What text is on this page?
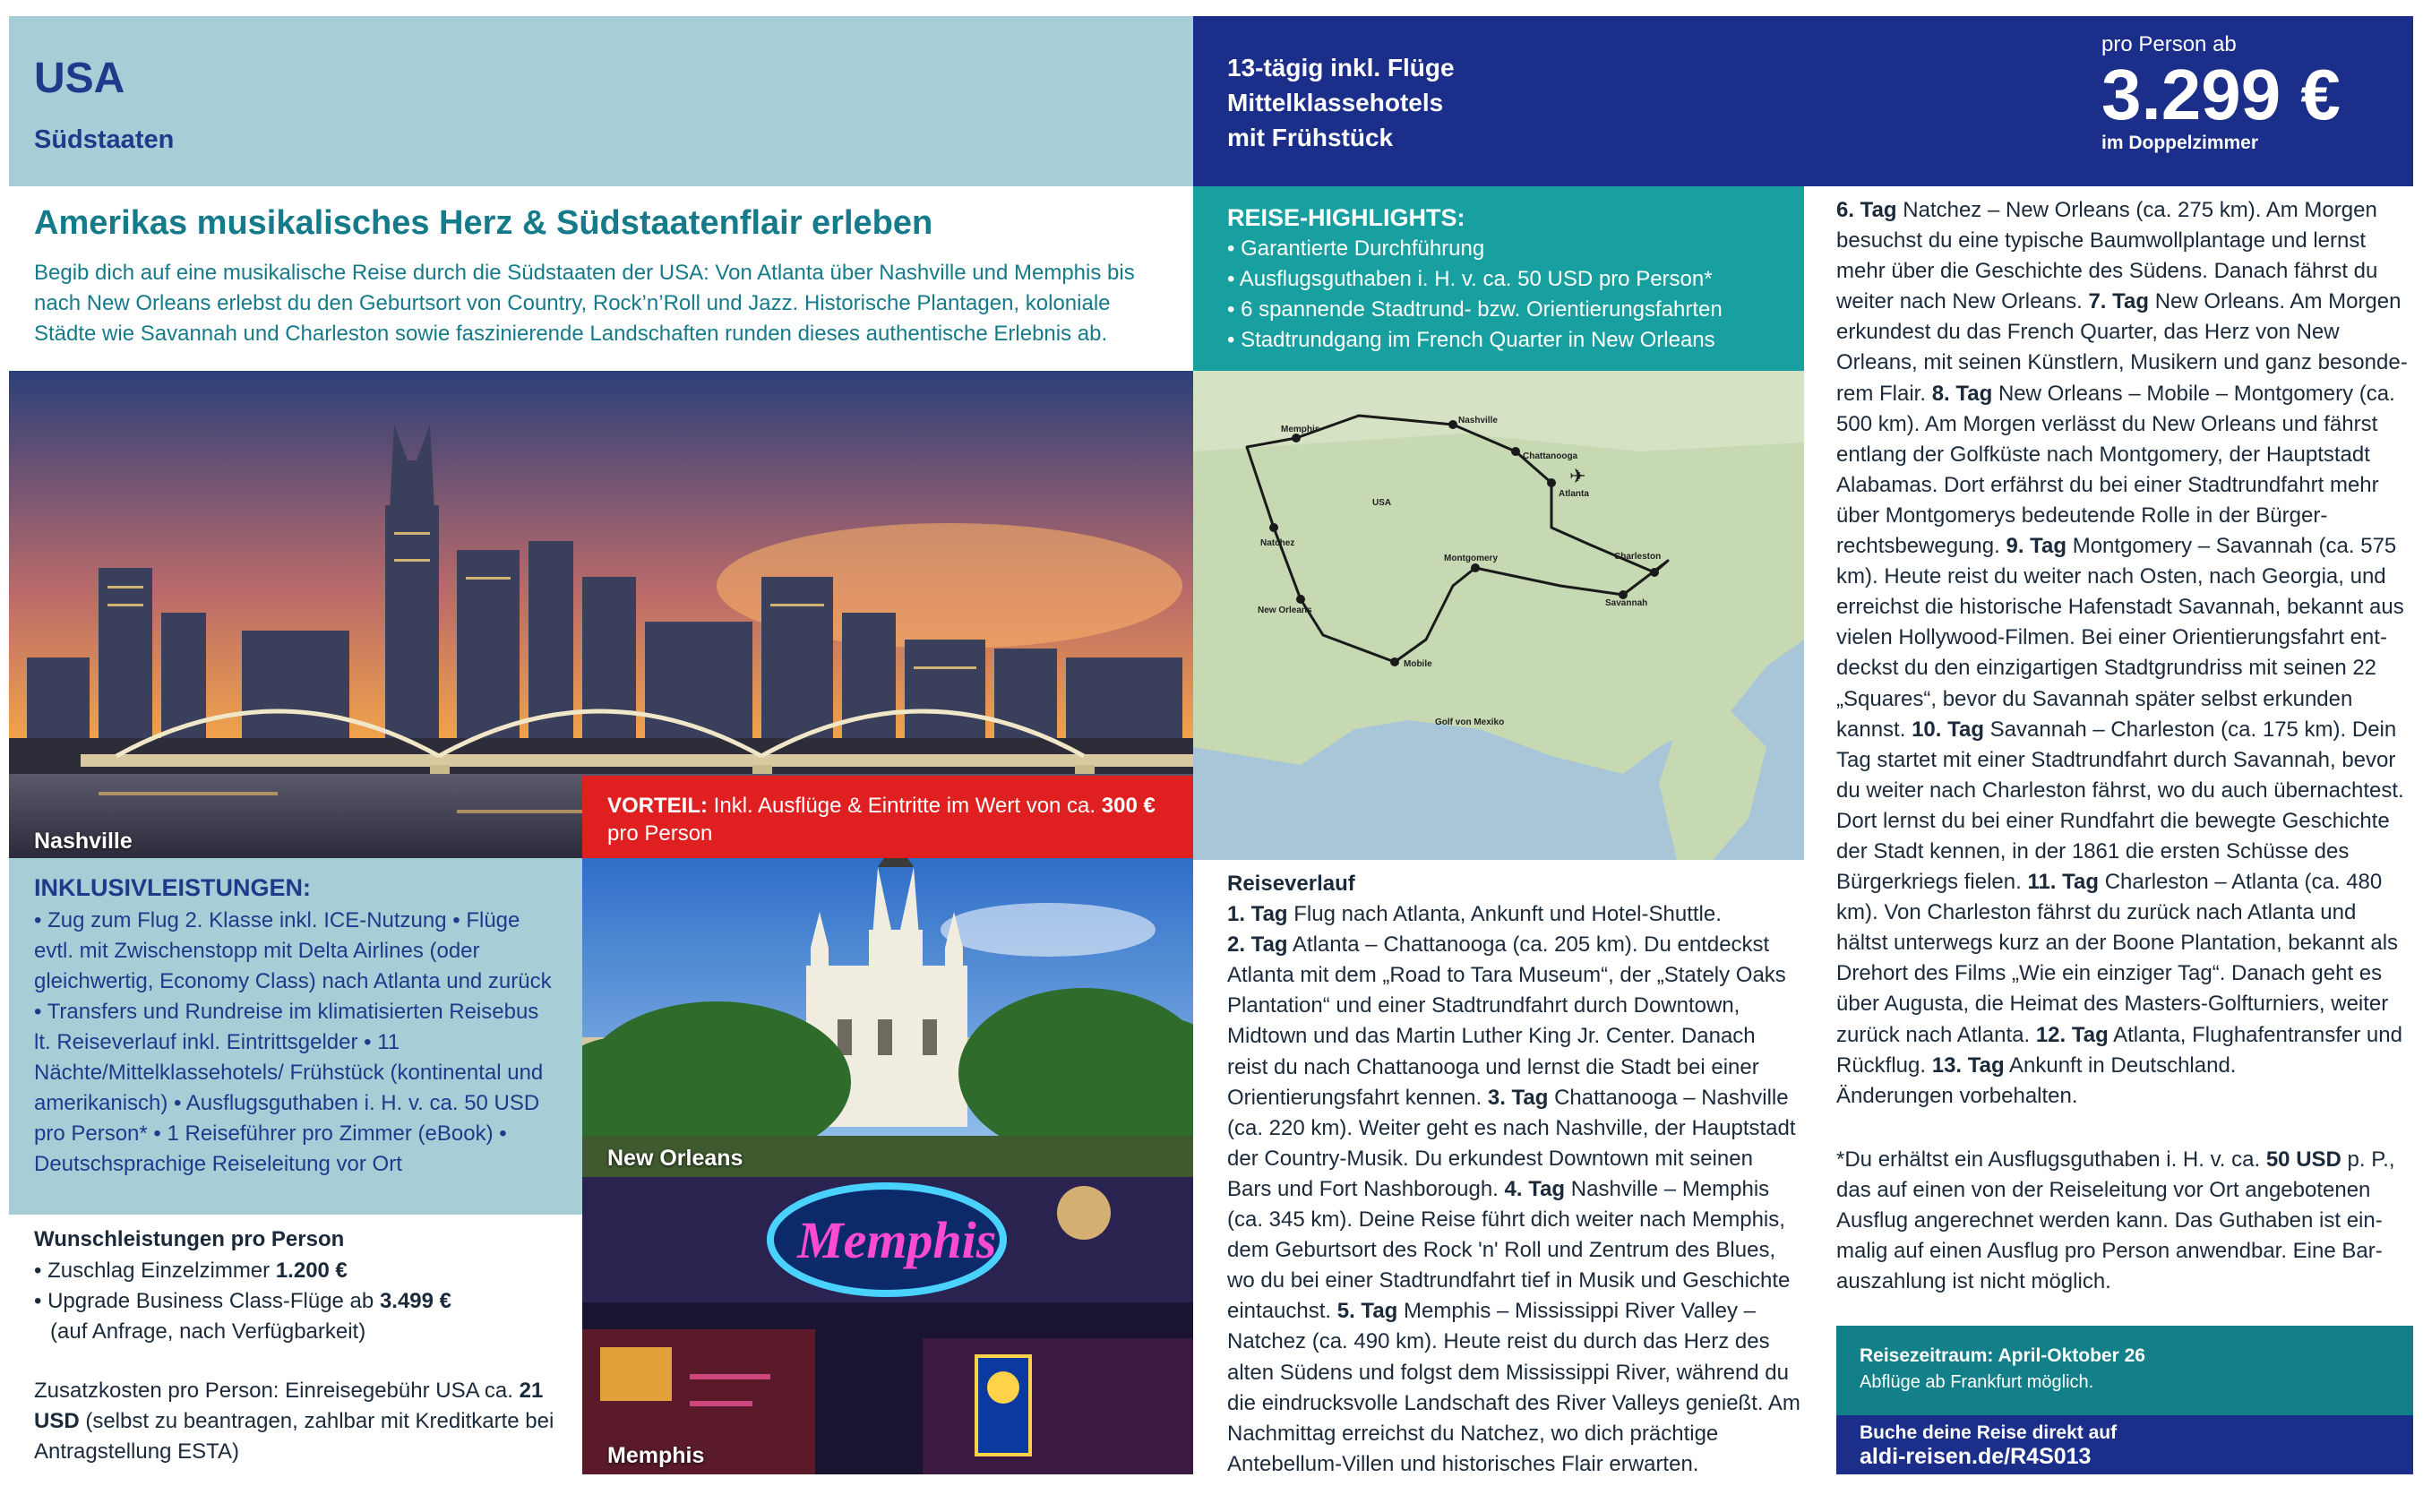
USA
Südstaaten
13-tägig inkl. Flüge
Mittelklassehotels
mit Frühstück
pro Person ab
3.299 €
im Doppelzimmer
Amerikas musikalisches Herz & Südstaatenflair erleben
Begib dich auf eine musikalische Reise durch die Südstaaten der USA: Von Atlanta über Nashville und Memphis bis nach New Orleans erlebst du den Geburtsort von Country, Rock’n’Roll und Jazz. Historische Plantagen, koloniale Städte wie Savannah und Charleston sowie faszinierende Landschaften runden dieses authentische Erlebnis ab.
REISE-HIGHLIGHTS:
• Garantierte Durchführung
• Ausflugsguthaben i. H. v. ca. 50 USD pro Person*
• 6 spannende Stadtrund- bzw. Orientierungsfahrten
• Stadtrundgang im French Quarter in New Orleans
Nashville
VORTEIL: Inkl. Ausflüge & Eintritte im Wert von ca. 300 € pro Person
✈
Nashville
Memphis
Chattanooga
Atlanta
USA
Charleston
Montgomery
Savannah
Natchez
Mobile
New Orleans
Golf von Mexiko
New Orleans
Memphis
Memphis
INKLUSIVLEISTUNGEN:
• Zug zum Flug 2. Klasse inkl. ICE-Nutzung • Flüge evtl. mit Zwischenstopp mit Delta Airlines (oder gleichwertig, Economy Class) nach Atlanta und zurück • Transfers und Rundreise im klimatisierten Reisebus lt. Reiseverlauf inkl. Eintrittsgelder • 11 Nächte/Mittelklassehotels/ Frühstück (kontinental und amerikanisch) • Ausflugsguthaben i. H. v. ca. 50 USD pro Person* • 1 Reiseführer pro Zimmer (eBook) • Deutschsprachige Reiseleitung vor Ort
Wunschleistungen pro Person
• Zuschlag Einzelzimmer 1.200 €
• Upgrade Business Class-Flüge ab 3.499 €
(auf Anfrage, nach Verfügbarkeit)
Zusatzkosten pro Person: Einreisegebühr USA ca. 21 USD (selbst zu beantragen, zahlbar mit Kreditkarte bei Antragstellung ESTA)
Reiseverlauf
1. Tag Flug nach Atlanta, Ankunft und Hotel-Shuttle.
2. Tag Atlanta – Chattanooga (ca. 205 km). Du entdeckst Atlanta mit dem „Road to Tara Museum“, der „Stately Oaks Plantation“ und einer Stadtrundfahrt durch Downtown, Midtown und das Martin Luther King Jr. Center. Danach reist du nach Chattanooga und lernst die Stadt bei einer Orientierungsfahrt kennen. 3. Tag Chattanooga – Nashville (ca. 220 km). Weiter geht es nach Nashville, der Hauptstadt der Country-Musik. Du erkundest Downtown mit seinen Bars und Fort Nashborough. 4. Tag Nashville – Memphis (ca. 345 km). Deine Reise führt dich weiter nach Memphis, dem Geburtsort des Rock 'n' Roll und Zentrum des Blues, wo du bei einer Stadtrundfahrt tief in Musik und Geschichte eintauchst. 5. Tag Memphis – Mississippi River Valley – Natchez (ca. 490 km). Heute reist du durch das Herz des alten Südens und folgst dem Mississippi River, während du die eindrucksvolle Landschaft des River Valleys genießt. Am Nachmittag erreichst du Natchez, wo dich prächtige Antebellum-Villen und historisches Flair erwarten.
6. Tag Natchez – New Orleans (ca. 275 km). Am Morgen besuchst du eine typische Baumwollplantage und lernst mehr über die Geschichte des Südens. Danach fährst du weiter nach New Orleans. 7. Tag New Orleans. Am Morgen erkundest du das French Quarter, das Herz von New Orleans, mit seinen Künstlern, Musikern und ganz besonderem Flair. 8. Tag New Orleans – Mobile – Montgomery (ca. 500 km). Am Morgen verlässt du New Orleans und fährst entlang der Golfküste nach Montgomery, der Hauptstadt Alabamas. Dort erfährst du bei einer Stadtrundfahrt mehr über Montgomerys bedeutende Rolle in der Bürgerrechtsbewegung. 9. Tag Montgomery – Savannah (ca. 575 km). Heute reist du weiter nach Osten, nach Georgia, und erreichst die historische Hafenstadt Savannah, bekannt aus vielen Hollywood-Filmen. Bei einer Orientierungsfahrt entdeckst du den einzigartigen Stadtgrundriss mit seinen 22 „Squares“, bevor du Savannah später selbst erkunden kannst. 10. Tag Savannah – Charleston (ca. 175 km). Dein Tag startet mit einer Stadtrundfahrt durch Savannah, bevor du weiter nach Charleston fährst, wo du auch übernachtest. Dort lernst du bei einer Rundfahrt die bewegte Geschichte der Stadt kennen, in der 1861 die ersten Schüsse des Bürgerkriegs fielen. 11. Tag Charleston – Atlanta (ca. 480 km). Von Charleston fährst du zurück nach Atlanta und hältst unterwegs kurz an der Boone Plantation, bekannt als Drehort des Films „Wie ein einziger Tag“. Danach geht es über Augusta, die Heimat des Masters-Golfturniers, weiter zurück nach Atlanta. 12. Tag Atlanta, Flughafentransfer und Rückflug. 13. Tag Ankunft in Deutschland.
Änderungen vorbehalten.
*Du erhältst ein Ausflugsguthaben i. H. v. ca. 50 USD p. P., das auf einen von der Reiseleitung vor Ort angebotenen Ausflug angerechnet werden kann. Das Guthaben ist einmalig auf einen Ausflug pro Person anwendbar. Eine Barauszahlung ist nicht möglich.
Reisezeitraum: April-Oktober 26
Abflüge ab Frankfurt möglich.
Buche deine Reise direkt auf
aldi-reisen.de/R4S013
